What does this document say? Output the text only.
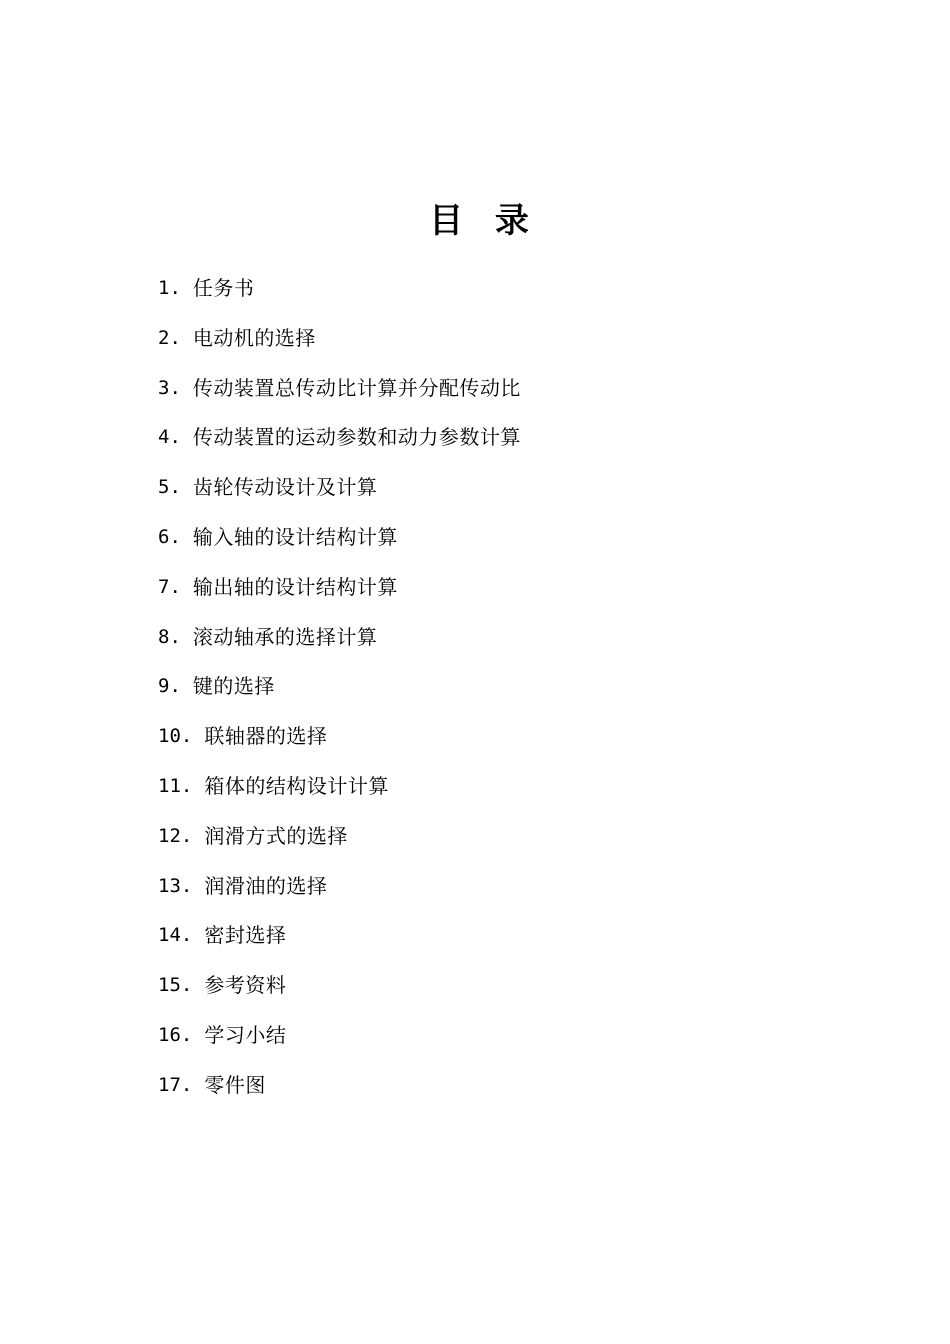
目 录
1. 任务书
2. 电动机的选择
3. 传动装置总传动比计算并分配传动比
4. 传动装置的运动参数和动力参数计算
5. 齿轮传动设计及计算
6. 输入轴的设计结构计算
7. 输出轴的设计结构计算
8. 滚动轴承的选择计算
9. 键的选择
10. 联轴器的选择
11. 箱体的结构设计计算
12. 润滑方式的选择
13. 润滑油的选择
14. 密封选择
15. 参考资料
16. 学习小结
17. 零件图
